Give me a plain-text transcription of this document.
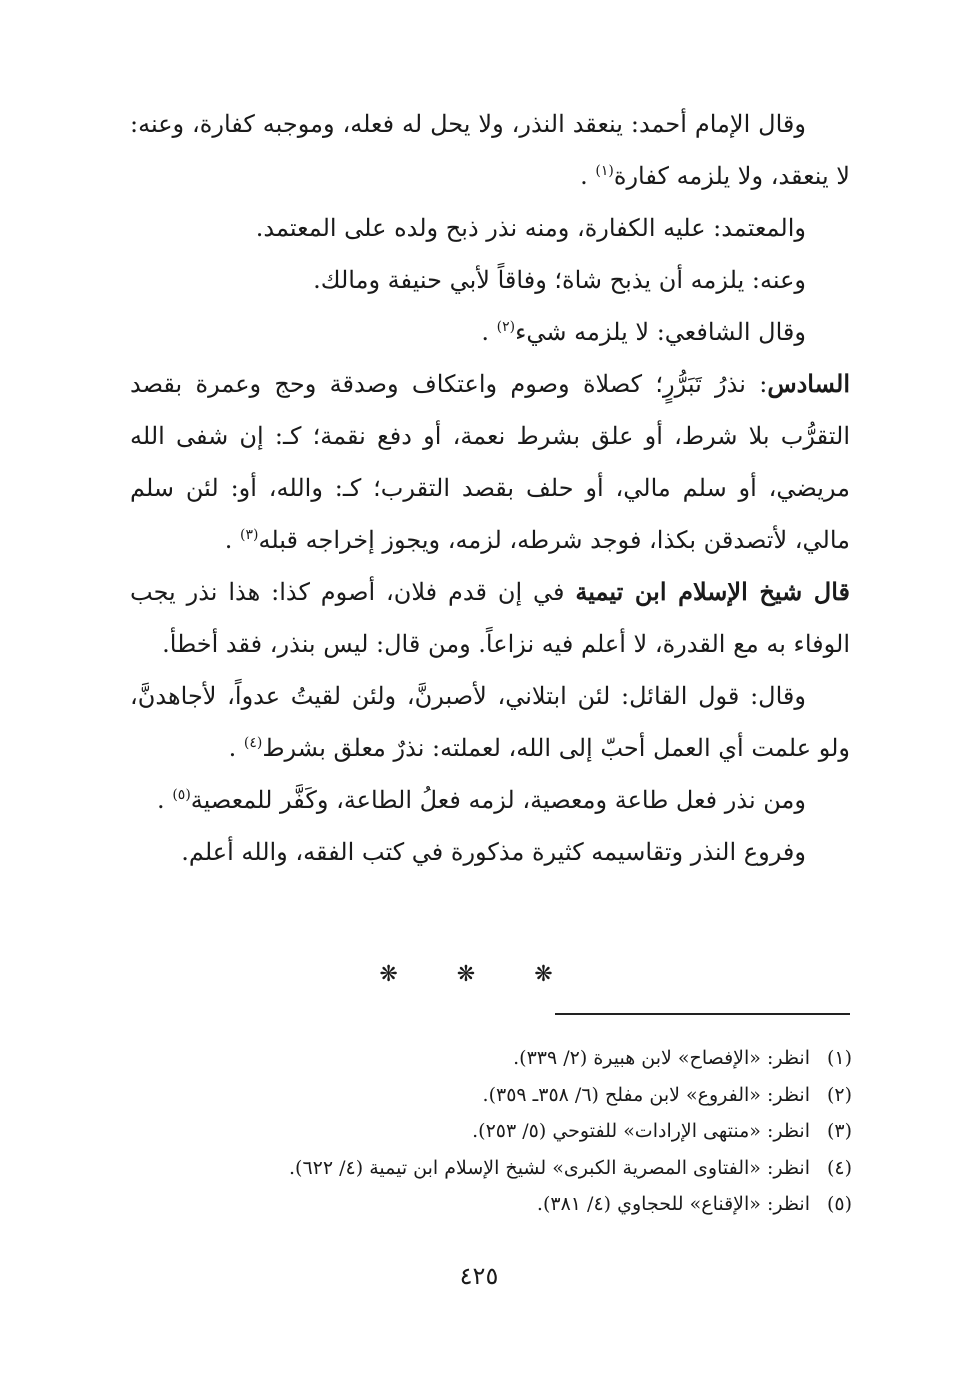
وقال الإمام أحمد: ينعقد النذر، ولا يحل له فعله، وموجبه كفارة، وعنه: لا ينعقد، ولا يلزمه كفارة$^{(١)}$ .

والمعتمد: عليه الكفارة، ومنه نذر ذبح ولده على المعتمد.

وعنه: يلزمه أن يذبح شاة؛ وفاقاً لأبي حنيفة ومالك.

وقال الشافعي: لا يلزمه شيء$^{(٢)}$ .

السادس: نذرُ تَبَرُّرٍ؛ كصلاة وصوم واعتكاف وصدقة وحج وعمرة بقصد التقرُّب بلا شرط، أو علق بشرط نعمة، أو دفع نقمة؛ كـ: إن شفى الله مريضي، أو سلم مالي، أو حلف بقصد التقرب؛ كـ: والله، أو: لئن سلم مالي، لأتصدقن بكذا، فوجد شرطه، لزمه، ويجوز إخراجه قبله$^{(٣)}$ .

قال شيخ الإسلام ابن تيمية في إن قدم فلان، أصوم كذا: هذا نذر يجب الوفاء به مع القدرة، لا أعلم فيه نزاعاً. ومن قال: ليس بنذر، فقد أخطأ.

وقال: قول القائل: لئن ابتلاني، لأصبرنَّ، ولئن لقيتُ عدواً، لأجاهدنَّ، ولو علمت أي العمل أحبّ إلى الله، لعملته: نذرٌ معلق بشرط$^{(٤)}$ .

ومن نذر فعل طاعة ومعصية، لزمه فعلُ الطاعة، وكَفَّر للمعصية$^{(٥)}$ .

وفروع النذر وتقاسيمه كثيرة مذكورة في كتب الفقه، والله أعلم.

❋ ❋ ❋
(١)انظر: «الإفصاح» لابن هبيرة (٢/ ٣٣٩).
(٢)انظر: «الفروع» لابن مفلح (٦/ ٣٥٨ـ ٣٥٩).
(٣)انظر: «منتهى الإرادات» للفتوحي (٥/ ٢٥٣).
(٤)انظر: «الفتاوى المصرية الكبرى» لشيخ الإسلام ابن تيمية (٤/ ٦٢٢).
(٥)انظر: «الإقناع» للحجاوي (٤/ ٣٨١).
٤٢٥
